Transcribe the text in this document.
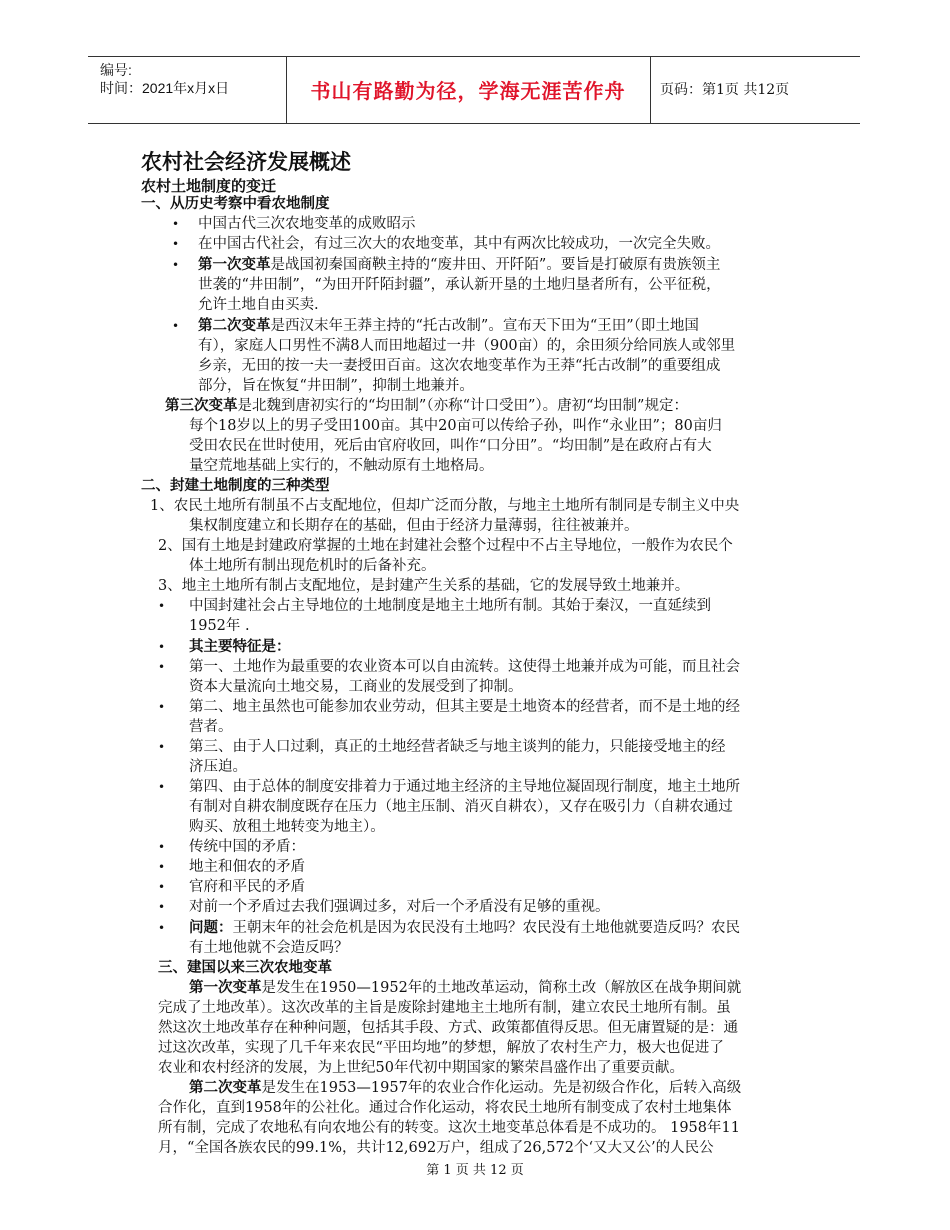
编号:
时间：2021年x月x日	书山有路勤为径，学海无涯苦作舟	页码：第1页 共12页
农村社会经济发展概述
农村土地制度的变迁
一、从历史考察中看农地制度
• 中国古代三次农地变革的成败昭示
• 在中国古代社会，有过三次大的农地变革，其中有两次比较成功，一次完全失败。
• 第一次变革是战国初秦国商鞅主持的“废井田、开阡陌”。要旨是打破原有贵族领主
世袭的“井田制”，“为田开阡陌封疆”，承认新开垦的土地归垦者所有，公平征税，
允许土地自由买卖.
• 第二次变革是西汉末年王莽主持的“托古改制”。宣布天下田为“王田”（即土地国
有），家庭人口男性不满8人而田地超过一井（900亩）的，余田须分给同族人或邻里
乡亲，无田的按一夫一妻授田百亩。这次农地变革作为王莽“托古改制”的重要组成
部分，旨在恢复“井田制”，抑制土地兼并。
第三次变革是北魏到唐初实行的“均田制”（亦称“计口受田”）。唐初“均田制”规定：
每个18岁以上的男子受田100亩。其中20亩可以传给子孙，叫作“永业田”；80亩归
受田农民在世时使用，死后由官府收回，叫作“口分田”。“均田制”是在政府占有大
量空荒地基础上实行的，不触动原有土地格局。
二、封建土地制度的三种类型
1、农民土地所有制虽不占支配地位，但却广泛而分散，与地主土地所有制同是专制主义中央
集权制度建立和长期存在的基础，但由于经济力量薄弱，往往被兼并。
2、国有土地是封建政府掌握的土地在封建社会整个过程中不占主导地位，一般作为农民个
体土地所有制出现危机时的后备补充。
3、地主土地所有制占支配地位，是封建产生关系的基础，它的发展导致土地兼并。
• 中国封建社会占主导地位的土地制度是地主土地所有制。其始于秦汉，一直延续到
1952年 .
• 其主要特征是：
• 第一、土地作为最重要的农业资本可以自由流转。这使得土地兼并成为可能，而且社会
资本大量流向土地交易，工商业的发展受到了抑制。
• 第二、地主虽然也可能参加农业劳动，但其主要是土地资本的经营者，而不是土地的经
营者。
• 第三、由于人口过剩，真正的土地经营者缺乏与地主谈判的能力，只能接受地主的经
济压迫。
• 第四、由于总体的制度安排着力于通过地主经济的主导地位凝固现行制度，地主土地所
有制对自耕农制度既存在压力（地主压制、消灭自耕农），又存在吸引力（自耕农通过
购买、放租土地转变为地主）。
• 传统中国的矛盾：
• 地主和佃农的矛盾
• 官府和平民的矛盾
• 对前一个矛盾过去我们强调过多，对后一个矛盾没有足够的重视。
• 问题：王朝末年的社会危机是因为农民没有土地吗？农民没有土地他就要造反吗？农民
有土地他就不会造反吗？
三、建国以来三次农地变革
第一次变革是发生在1950—1952年的土地改革运动，简称土改（解放区在战争期间就
完成了土地改革）。这次改革的主旨是废除封建地主土地所有制，建立农民土地所有制。虽
然这次土地改革存在种种问题，包括其手段、方式、政策都值得反思。但无庸置疑的是：通
过这次改革，实现了几千年来农民“平田均地”的梦想，解放了农村生产力，极大也促进了
农业和农村经济的发展，为上世纪50年代初中期国家的繁荣昌盛作出了重要贡献。
第二次变革是发生在1953—1957年的农业合作化运动。先是初级合作化，后转入高级
合作化，直到1958年的公社化。通过合作化运动，将农民土地所有制变成了农村土地集体
所有制，完成了农地私有向农地公有的转变。这次土地变革总体看是不成功的。 1958年11
月，“全国各族农民的99.1%，共计12,692万户，组成了26,572个‘又大又公’的人民公
第 1 页 共 12 页
